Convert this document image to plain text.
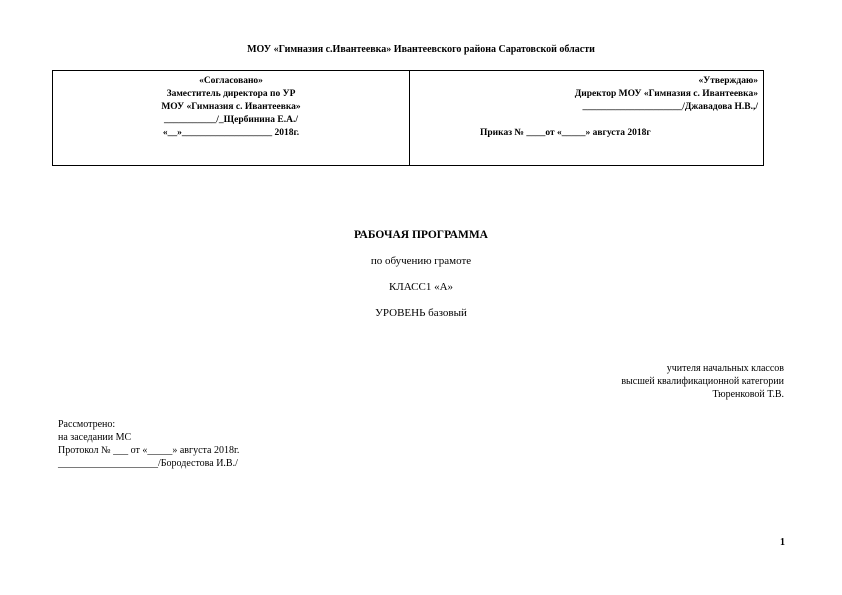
МОУ «Гимназия с.Ивантеевка» Ивантеевского района Саратовской области
«Согласовано»
Заместитель директора по УР
МОУ «Гимназия с. Ивантеевка»
___________/_Щербинина Е.А./
«__»___________________ 2018г.
«Утверждаю»
Директор МОУ «Гимназия с. Ивантеевка»
_____________________/Джавадова Н.В.,/
Приказ № ____от «_____» августа 2018г
РАБОЧАЯ ПРОГРАММА
по обучению грамоте
КЛАСС1 «А»
УРОВЕНЬ базовый
учителя начальных классов
высшей квалификационной категории
Тюренковой Т.В.
Рассмотрено:
на заседании МС
Протокол № ___ от «_____» августа 2018г.
____________________/Бородестова И.В./
1
